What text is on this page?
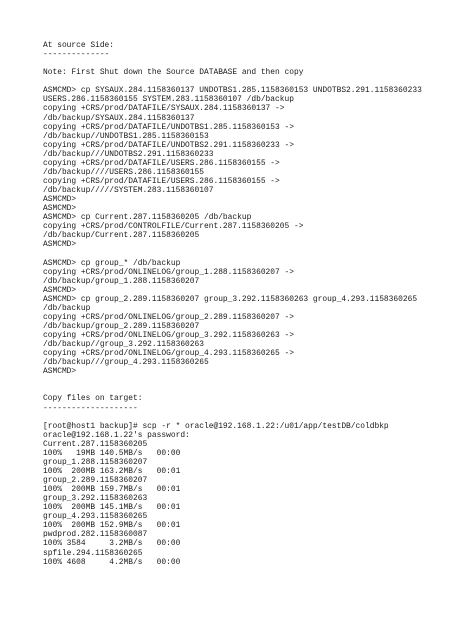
At source Side:
--------------

Note: First Shut down the Source DATABASE and then copy

ASMCMD> cp SYSAUX.284.1158360137 UNDOTBS1.285.1158360153 UNDOTBS2.291.1158360233
USERS.286.1158360155 SYSTEM.283.1158360107 /db/backup
copying +CRS/prod/DATAFILE/SYSAUX.284.1158360137 ->
/db/backup/SYSAUX.284.1158360137
copying +CRS/prod/DATAFILE/UNDOTBS1.285.1158360153 ->
/db/backup//UNDOTBS1.285.1158360153
copying +CRS/prod/DATAFILE/UNDOTBS2.291.1158360233 ->
/db/backup///UNDOTBS2.291.1158360233
copying +CRS/prod/DATAFILE/USERS.286.1158360155 ->
/db/backup////USERS.286.1158360155
copying +CRS/prod/DATAFILE/USERS.286.1158360155 ->
/db/backup/////SYSTEM.283.1158360107
ASMCMD>
ASMCMD>
ASMCMD> cp Current.287.1158360205 /db/backup
copying +CRS/prod/CONTROLFILE/Current.287.1158360205 ->
/db/backup/Current.287.1158360205
ASMCMD>

ASMCMD> cp group_* /db/backup
copying +CRS/prod/ONLINELOG/group_1.288.1158360207 ->
/db/backup/group_1.288.1158360207
ASMCMD>
ASMCMD> cp group_2.289.1158360207 group_3.292.1158360263 group_4.293.1158360265
/db/backup
copying +CRS/prod/ONLINELOG/group_2.289.1158360207 ->
/db/backup/group_2.289.1158360207
copying +CRS/prod/ONLINELOG/group_3.292.1158360263 ->
/db/backup//group_3.292.1158360263
copying +CRS/prod/ONLINELOG/group_4.293.1158360265 ->
/db/backup///group_4.293.1158360265
ASMCMD>

Copy files on target:
--------------------

[root@host1 backup]# scp -r * oracle@192.168.1.22:/u01/app/testDB/coldbkp
oracle@192.168.1.22's password:
Current.287.1158360205
100%   19MB 140.5MB/s   00:00
group_1.288.1158360207
100%  200MB 163.2MB/s   00:01
group_2.289.1158360207
100%  200MB 159.7MB/s   00:01
group_3.292.1158360263
100%  200MB 145.1MB/s   00:01
group_4.293.1158360265
100%  200MB 152.9MB/s   00:01
pwdprod.282.1158360087
100% 3584     3.2MB/s   00:00
spfile.294.1158360265
100% 4608     4.2MB/s   00:00
